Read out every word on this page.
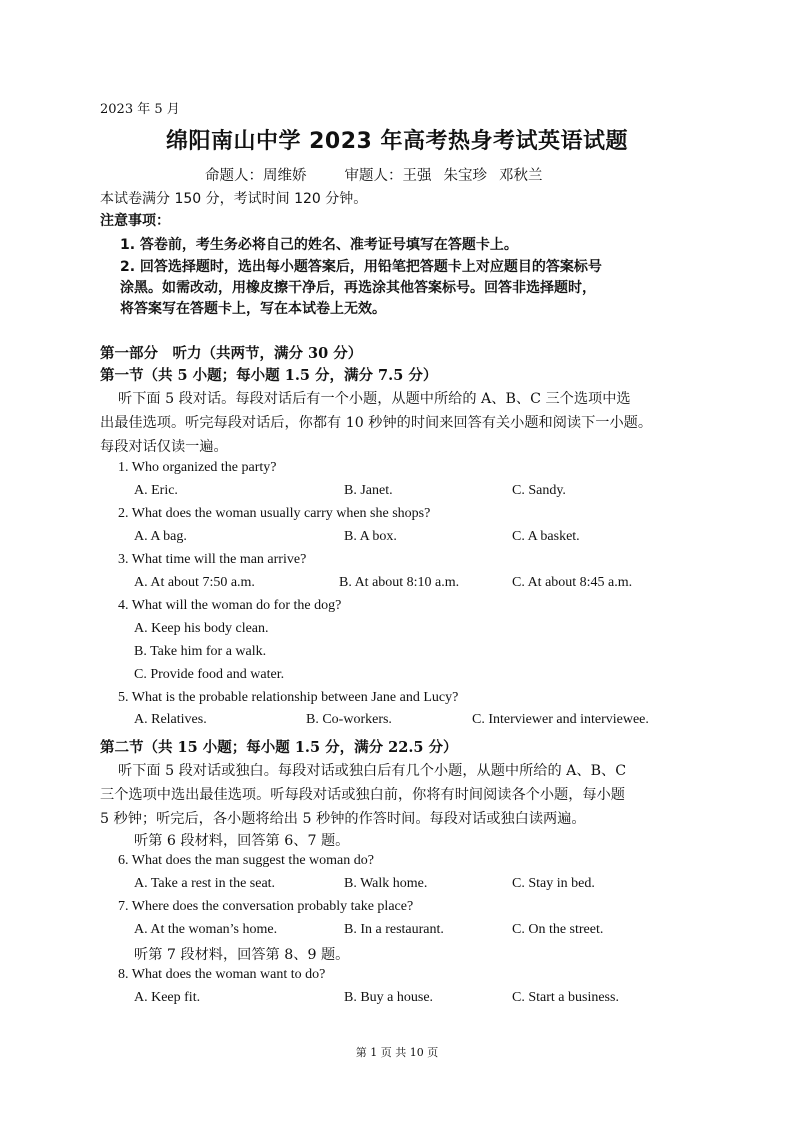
2023 年 5 月
绵阳南山中学 2023 年高考热身考试英语试题
命题人：周维娇	审题人：王强 朱宝珍 邓秋兰
本试卷满分 150 分，考试时间 120 分钟。
注意事项：
1. 答卷前，考生务必将自己的姓名、准考证号填写在答题卡上。
2. 回答选择题时，选出每小题答案后，用铅笔把答题卡上对应题目的答案标号
涂黑。如需改动，用橡皮擦干净后，再选涂其他答案标号。回答非选择题时，
将答案写在答题卡上，写在本试卷上无效。
第一部分　听力（共两节，满分 30 分）
第一节（共 5 小题；每小题 1.5 分，满分 7.5 分）
听下面 5 段对话。每段对话后有一个小题，从题中所给的 A、B、C 三个选项中选
出最佳选项。听完每段对话后，你都有 10 秒钟的时间来回答有关小题和阅读下一小题。
每段对话仅读一遍。
1. Who organized the party?
A. Eric.	B. Janet.	C. Sandy.
2. What does the woman usually carry when she shops?
A. A bag.	B. A box.	C. A basket.
3. What time will the man arrive?
A. At about 7:50 a.m.	B. At about 8:10 a.m.	C. At about 8:45 a.m.
4. What will the woman do for the dog?
A. Keep his body clean.
B. Take him for a walk.
C. Provide food and water.
5. What is the probable relationship between Jane and Lucy?
A. Relatives.	B. Co-workers.	C. Interviewer and interviewee.
第二节（共 15 小题；每小题 1.5 分，满分 22.5 分）
听下面 5 段对话或独白。每段对话或独白后有几个小题，从题中所给的 A、B、C
三个选项中选出最佳选项。听每段对话或独白前，你将有时间阅读各个小题，每小题
5 秒钟；听完后，各小题将给出 5 秒钟的作答时间。每段对话或独白读两遍。
听第 6 段材料，回答第 6、7 题。
6. What does the man suggest the woman do?
A. Take a rest in the seat.	B. Walk home.	C. Stay in bed.
7. Where does the conversation probably take place?
A. At the woman’s home.	B. In a restaurant.	C. On the street.
听第 7 段材料，回答第 8、9 题。
8. What does the woman want to do?
A. Keep fit.	B. Buy a house.	C. Start a business.
第 1 页 共 10 页
